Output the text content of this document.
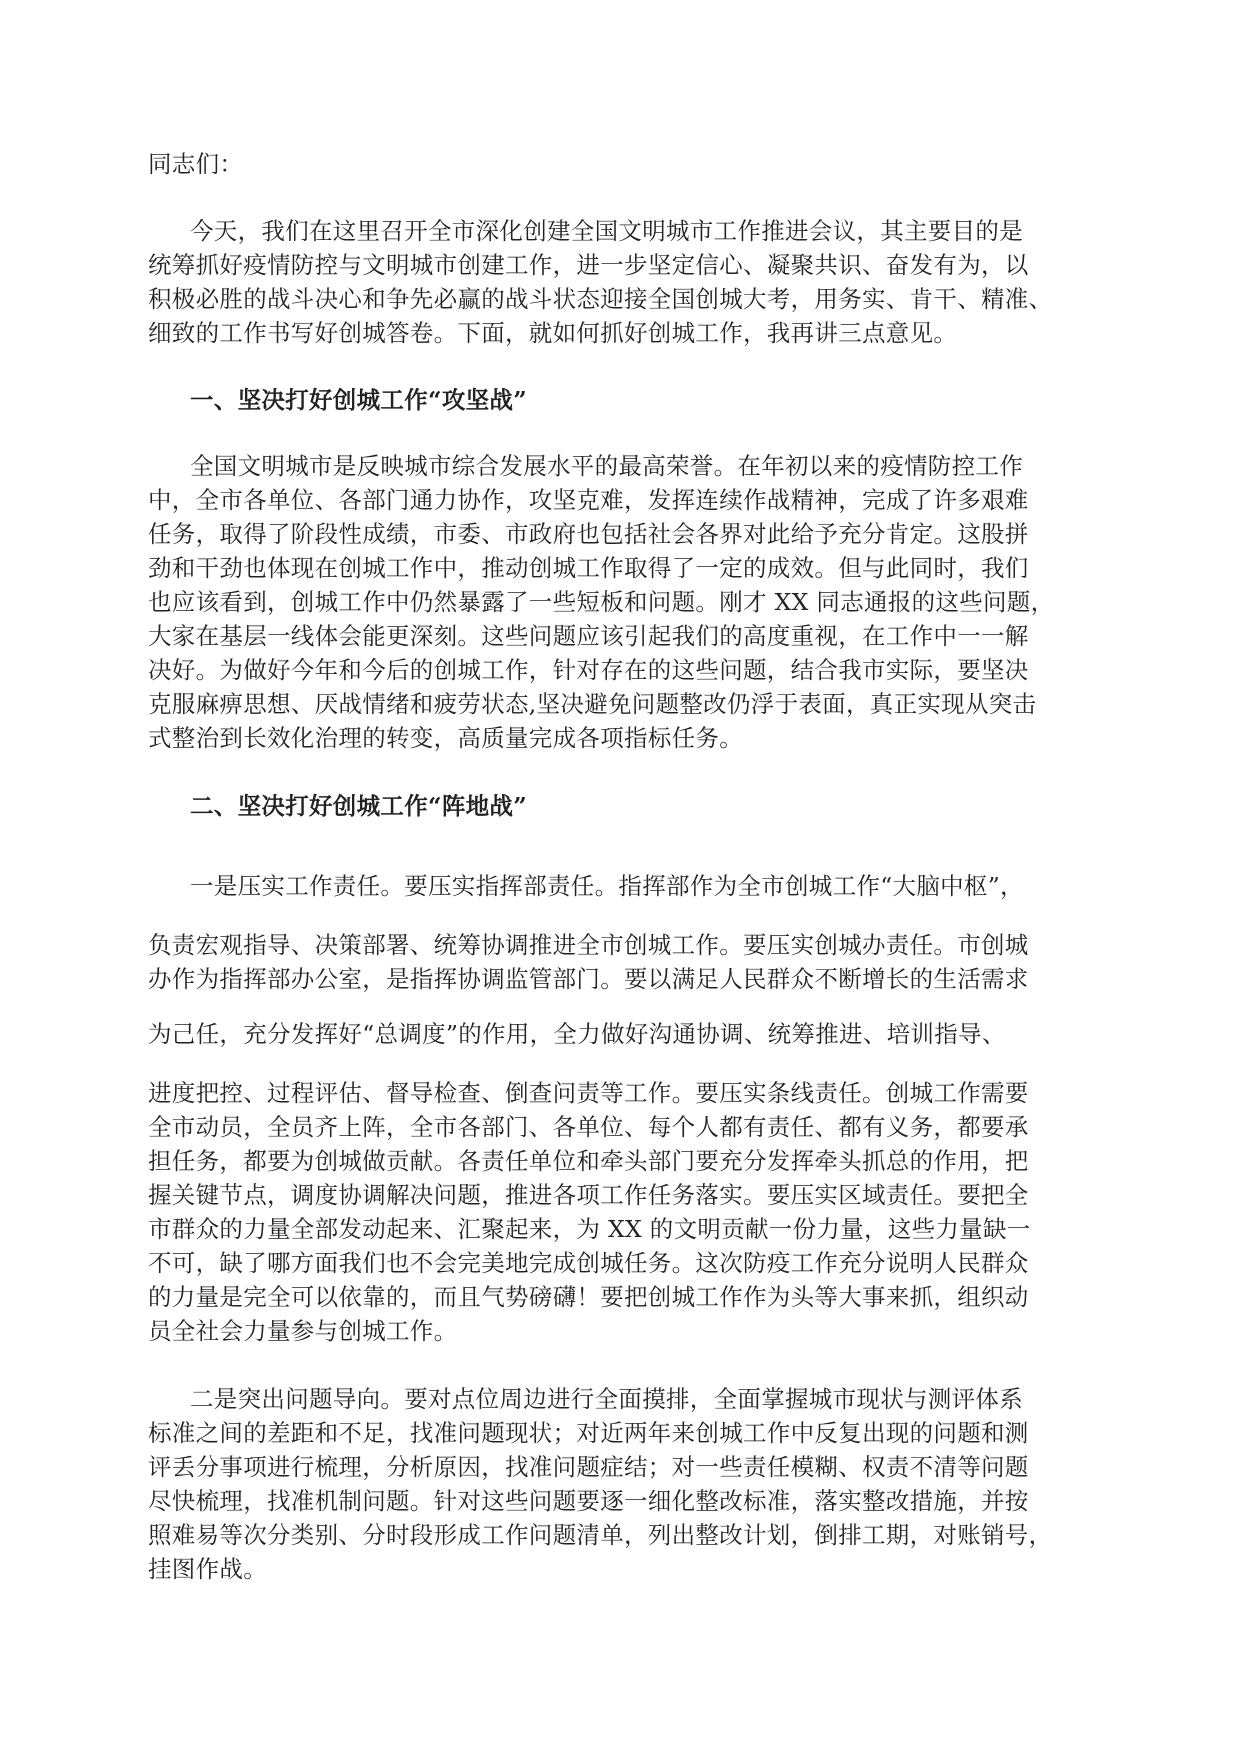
同志们：
今天，我们在这里召开全市深化创建全国文明城市工作推进会议，其主要目的是
统筹抓好疫情防控与文明城市创建工作，进一步坚定信心、凝聚共识、奋发有为，以
积极必胜的战斗决心和争先必赢的战斗状态迎接全国创城大考，用务实、肯干、精准、
细致的工作书写好创城答卷。下面，就如何抓好创城工作，我再讲三点意见。
一、坚决打好创城工作“攻坚战”
全国文明城市是反映城市综合发展水平的最高荣誉。在年初以来的疫情防控工作
中，全市各单位、各部门通力协作，攻坚克难，发挥连续作战精神，完成了许多艰难
任务，取得了阶段性成绩，市委、市政府也包括社会各界对此给予充分肯定。这股拼
劲和干劲也体现在创城工作中，推动创城工作取得了一定的成效。但与此同时，我们
也应该看到，创城工作中仍然暴露了一些短板和问题。刚才 XX 同志通报的这些问题，
大家在基层一线体会能更深刻。这些问题应该引起我们的高度重视，在工作中一一解
决好。为做好今年和今后的创城工作，针对存在的这些问题，结合我市实际，要坚决
克服麻痹思想、厌战情绪和疲劳状态,坚决避免问题整改仍浮于表面，真正实现从突击
式整治到长效化治理的转变，高质量完成各项指标任务。
二、坚决打好创城工作“阵地战”
一是压实工作责任。要压实指挥部责任。指挥部作为全市创城工作“大脑中枢”，
负责宏观指导、决策部署、统筹协调推进全市创城工作。要压实创城办责任。市创城
办作为指挥部办公室，是指挥协调监管部门。要以满足人民群众不断增长的生活需求
为己任，充分发挥好“总调度”的作用，全力做好沟通协调、统筹推进、培训指导、
进度把控、过程评估、督导检查、倒查问责等工作。要压实条线责任。创城工作需要
全市动员，全员齐上阵，全市各部门、各单位、每个人都有责任、都有义务，都要承
担任务，都要为创城做贡献。各责任单位和牵头部门要充分发挥牵头抓总的作用，把
握关键节点，调度协调解决问题，推进各项工作任务落实。要压实区域责任。要把全
市群众的力量全部发动起来、汇聚起来，为 XX 的文明贡献一份力量，这些力量缺一
不可，缺了哪方面我们也不会完美地完成创城任务。这次防疫工作充分说明人民群众
的力量是完全可以依靠的，而且气势磅礴！要把创城工作作为头等大事来抓，组织动
员全社会力量参与创城工作。
二是突出问题导向。要对点位周边进行全面摸排，全面掌握城市现状与测评体系
标准之间的差距和不足，找准问题现状；对近两年来创城工作中反复出现的问题和测
评丢分事项进行梳理，分析原因，找准问题症结；对一些责任模糊、权责不清等问题
尽快梳理，找准机制问题。针对这些问题要逐一细化整改标准，落实整改措施，并按
照难易等次分类别、分时段形成工作问题清单，列出整改计划，倒排工期，对账销号，
挂图作战。
